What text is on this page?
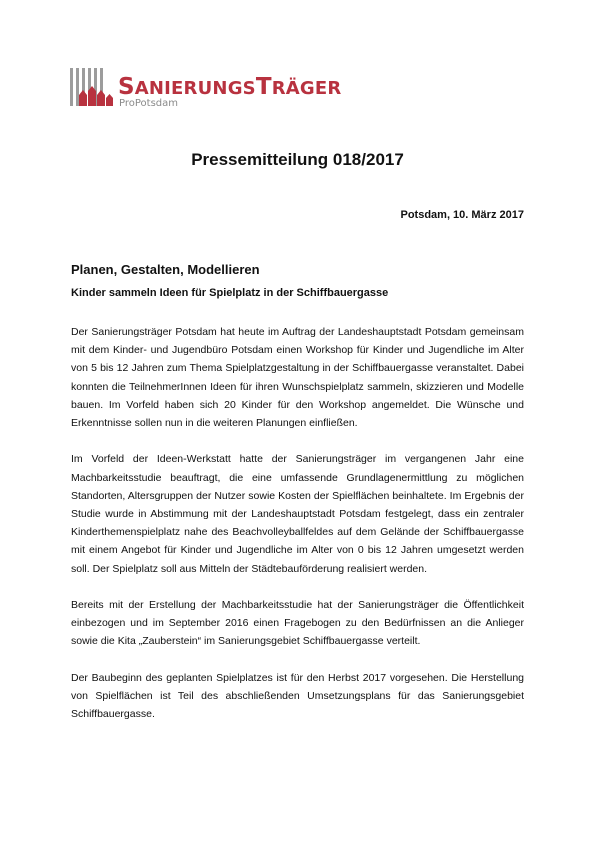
SANIERUNGSTRÄGER
ProPotsdam
Pressemitteilung 018/2017

Potsdam, 10. März 2017

Planen, Gestalten, Modellieren
Kinder sammeln Ideen für Spielplatz in der Schiffbauergasse

Der Sanierungsträger Potsdam hat heute im Auftrag der Landeshauptstadt Potsdam gemeinsam mit dem Kinder- und Jugendbüro Potsdam einen Workshop für Kinder und Jugendliche im Alter von 5 bis 12 Jahren zum Thema Spielplatzgestaltung in der Schiffbauergasse veranstaltet. Dabei konnten die TeilnehmerInnen Ideen für ihren Wunschspielplatz sammeln, skizzieren und Modelle bauen. Im Vorfeld haben sich 20 Kinder für den Workshop angemeldet. Die Wünsche und Erkenntnisse sollen nun in die weiteren Planungen einfließen.

Im Vorfeld der Ideen-Werkstatt hatte der Sanierungsträger im vergangenen Jahr eine Machbarkeitsstudie beauftragt, die eine umfassende Grundlagenermittlung zu möglichen Standorten, Altersgruppen der Nutzer sowie Kosten der Spielflächen beinhaltete. Im Ergebnis der Studie wurde in Abstimmung mit der Landeshauptstadt Potsdam festgelegt, dass ein zentraler Kinderthemenspielplatz nahe des Beachvolleyballfeldes auf dem Gelände der Schiffbauergasse mit einem Angebot für Kinder und Jugendliche im Alter von 0 bis 12 Jahren umgesetzt werden soll. Der Spielplatz soll aus Mitteln der Städtebauförderung realisiert werden.

Bereits mit der Erstellung der Machbarkeitsstudie hat der Sanierungsträger die Öffentlichkeit einbezogen und im September 2016 einen Fragebogen zu den Bedürfnissen an die Anlieger sowie die Kita „Zauberstein“ im Sanierungsgebiet Schiffbauergasse verteilt.

Der Baubeginn des geplanten Spielplatzes ist für den Herbst 2017 vorgesehen. Die Herstellung von Spielflächen ist Teil des abschließenden Umsetzungsplans für das Sanierungsgebiet Schiffbauergasse.
